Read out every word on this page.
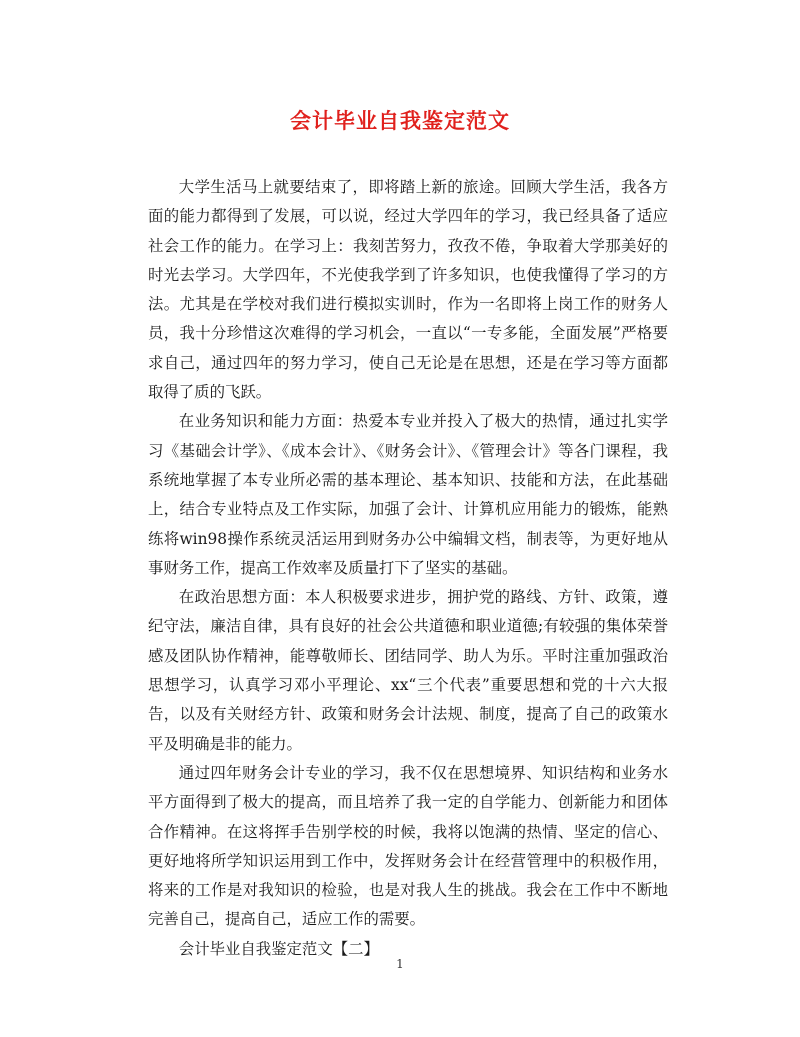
会计毕业自我鉴定范文

大学生活马上就要结束了，即将踏上新的旅途。回顾大学生活，我各方面的能力都得到了发展，可以说，经过大学四年的学习，我已经具备了适应社会工作的能力。在学习上：我刻苦努力，孜孜不倦，争取着大学那美好的时光去学习。大学四年，不光使我学到了许多知识，也使我懂得了学习的方法。尤其是在学校对我们进行模拟实训时，作为一名即将上岗工作的财务人员，我十分珍惜这次难得的学习机会，一直以“一专多能，全面发展”严格要求自己，通过四年的努力学习，使自己无论是在思想，还是在学习等方面都取得了质的飞跃。

在业务知识和能力方面：热爱本专业并投入了极大的热情，通过扎实学习《基础会计学》、《成本会计》、《财务会计》、《管理会计》等各门课程，我系统地掌握了本专业所必需的基本理论、基本知识、技能和方法，在此基础上，结合专业特点及工作实际，加强了会计、计算机应用能力的锻炼，能熟练将win98操作系统灵活运用到财务办公中编辑文档，制表等，为更好地从事财务工作，提高工作效率及质量打下了坚实的基础。

在政治思想方面：本人积极要求进步，拥护党的路线、方针、政策，遵纪守法，廉洁自律，具有良好的社会公共道德和职业道德;有较强的集体荣誉感及团队协作精神，能尊敬师长、团结同学、助人为乐。平时注重加强政治思想学习，认真学习邓小平理论、xx“三个代表”重要思想和党的十六大报告，以及有关财经方针、政策和财务会计法规、制度，提高了自己的政策水平及明确是非的能力。

通过四年财务会计专业的学习，我不仅在思想境界、知识结构和业务水平方面得到了极大的提高，而且培养了我一定的自学能力、创新能力和团体合作精神。在这将挥手告别学校的时候，我将以饱满的热情、坚定的信心、更好地将所学知识运用到工作中，发挥财务会计在经营管理中的积极作用，将来的工作是对我知识的检验，也是对我人生的挑战。我会在工作中不断地完善自己，提高自己，适应工作的需要。

会计毕业自我鉴定范文【二】

1
